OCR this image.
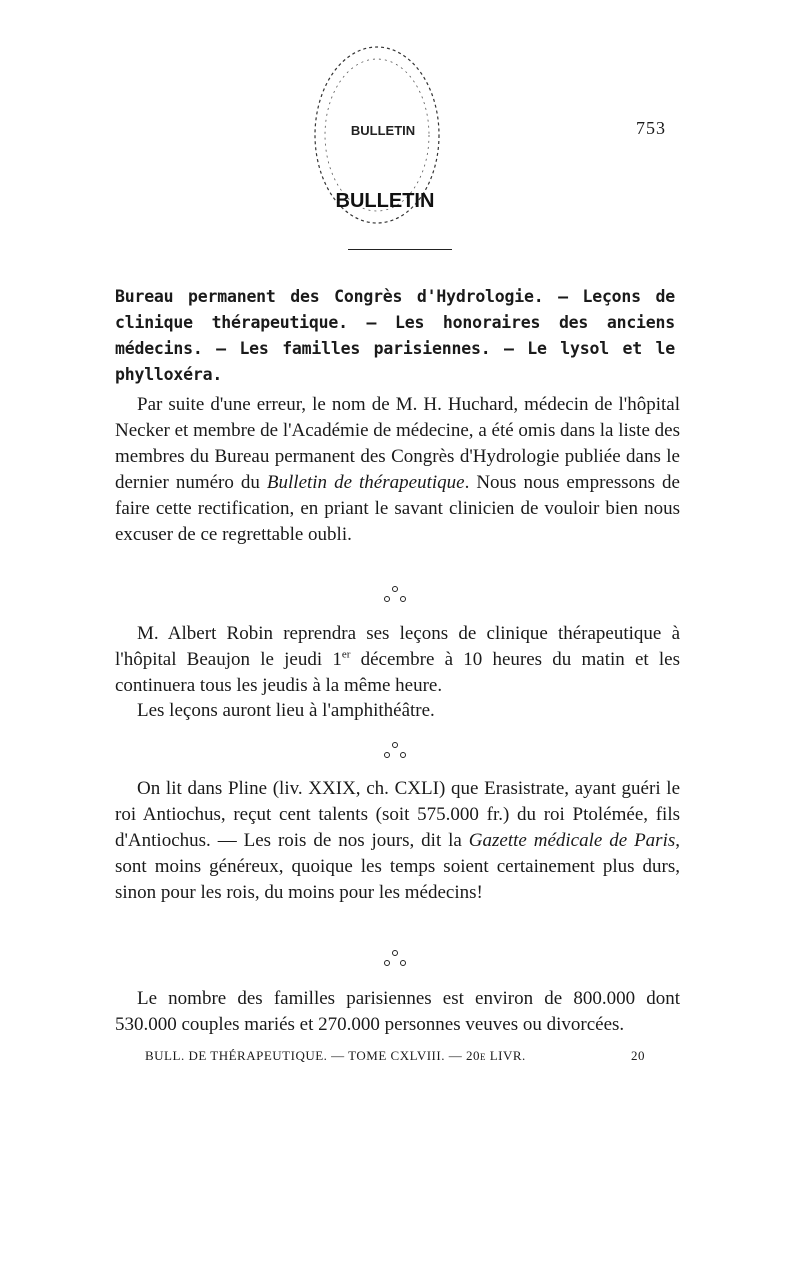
BULLETIN
BULLETIN
753
Bureau permanent des Congrès d'Hydrologie. — Leçons de clinique thérapeutique. — Les honoraires des anciens médecins. — Les familles parisiennes. — Le lysol et le phylloxéra.

Par suite d'une erreur, le nom de M. H. Huchard, médecin de l'hôpital Necker et membre de l'Académie de médecine, a été omis dans la liste des membres du Bureau permanent des Congrès d'Hydrologie publiée dans le dernier numéro du Bulletin de thérapeutique. Nous nous empressons de faire cette rectification, en priant le savant clinicien de vouloir bien nous excuser de ce regrettable oubli.

M. Albert Robin reprendra ses leçons de clinique thérapeutique à l'hôpital Beaujon le jeudi 1er décembre à 10 heures du matin et les continuera tous les jeudis à la même heure.

Les leçons auront lieu à l'amphithéâtre.

On lit dans Pline (liv. XXIX, ch. CXLI) que Erasistrate, ayant guéri le roi Antiochus, reçut cent talents (soit 575.000 fr.) du roi Ptolémée, fils d'Antiochus. — Les rois de nos jours, dit la Gazette médicale de Paris, sont moins généreux, quoique les temps soient certainement plus durs, sinon pour les rois, du moins pour les médecins!

Le nombre des familles parisiennes est environ de 800.000 dont 530.000 couples mariés et 270.000 personnes veuves ou divorcées.

BULL. DE THÉRAPEUTIQUE. — TOME CXLVIII. — 20e LIVR.	20
